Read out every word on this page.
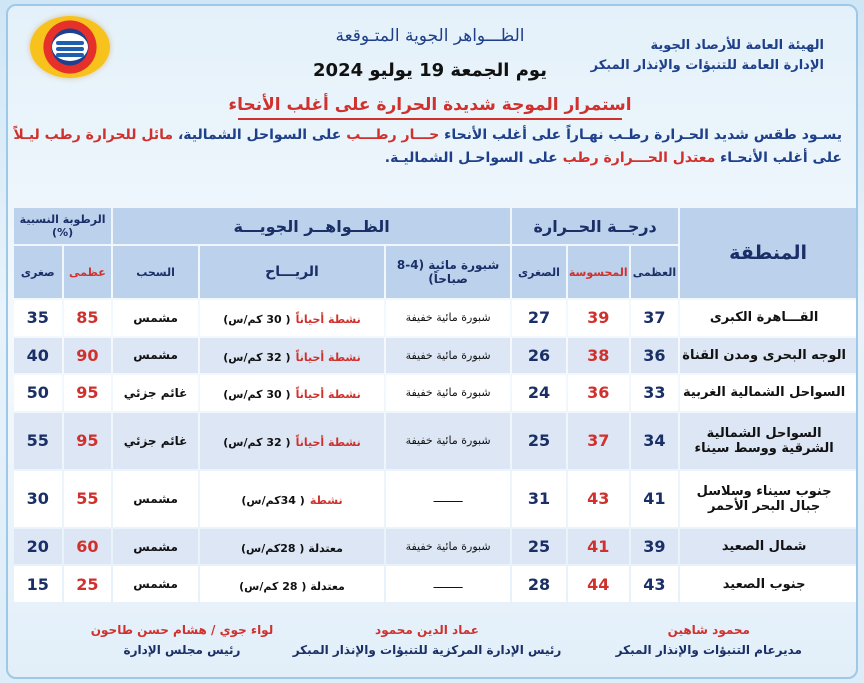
الهيئة العامة للأرصاد الجوية
الإدارة العامة للتنبؤات والإنذار المبكر
الظـــواهر الجوية المتـوقعة
يوم الجمعة 19 يوليو 2024
استمرار الموجة شديدة الحرارة على أغلب الأنحاء
يسـود طقس شديد الحـرارة رطـب نهـاراً على أغلب الأنحاء حـــار رطـــب على السواحل الشمالية، مائل للحرارة رطب ليـلاً
على أغلب الأنحـاء معتدل الحـــرارة رطب على السواحـل الشماليـة.
المنطقة	درجــة الحــرارة			الظــواهــر الجويـــة			الرطوبة النسبية (%)	
	العظمى	المحسوسة	الصغرى	شبورة مائية (4-8 صباحاً)	الريـــاح	السحب	عظمى	صغرى
القـــاهرة الكبرى	37	39	27	شبورة مائية خفيفة	نشطة أحياناً ( 30 كم/س)	مشمس	85	35
الوجه البحرى ومدن القناة	36	38	26	شبورة مائية خفيفة	نشطة أحياناً ( 32 كم/س)	مشمس	90	40
السواحل الشمالية الغربية	33	36	24	شبورة مائية خفيفة	نشطة أحياناً ( 30 كم/س)	غائم جزئي	95	50
السواحل الشمالية الشرقية ووسط سيناء	34	37	25	شبورة مائية خفيفة	نشطة أحياناً ( 32 كم/س)	غائم جزئي	95	55
جنوب سيناء وسلاسل جبال البحر الأحمر	41	43	31	ـــــــــ	نشطة ( 34كم/س)	مشمس	55	30
شمال الصعيد	39	41	25	شبورة مائية خفيفة	معتدلة ( 28كم/س)	مشمس	60	20
جنوب الصعيد	43	44	28	ـــــــــ	معتدلة ( 28 كم/س)	مشمس	25	15
محمود شاهين
مديرعام التنبؤات والإنذار المبكر
عماد الدين محمود
رئيس الإدارة المركزية للتنبؤات والإنذار المبكر
لواء جوي / هشام حسن طاحون
رئيس مجلس الإدارة
